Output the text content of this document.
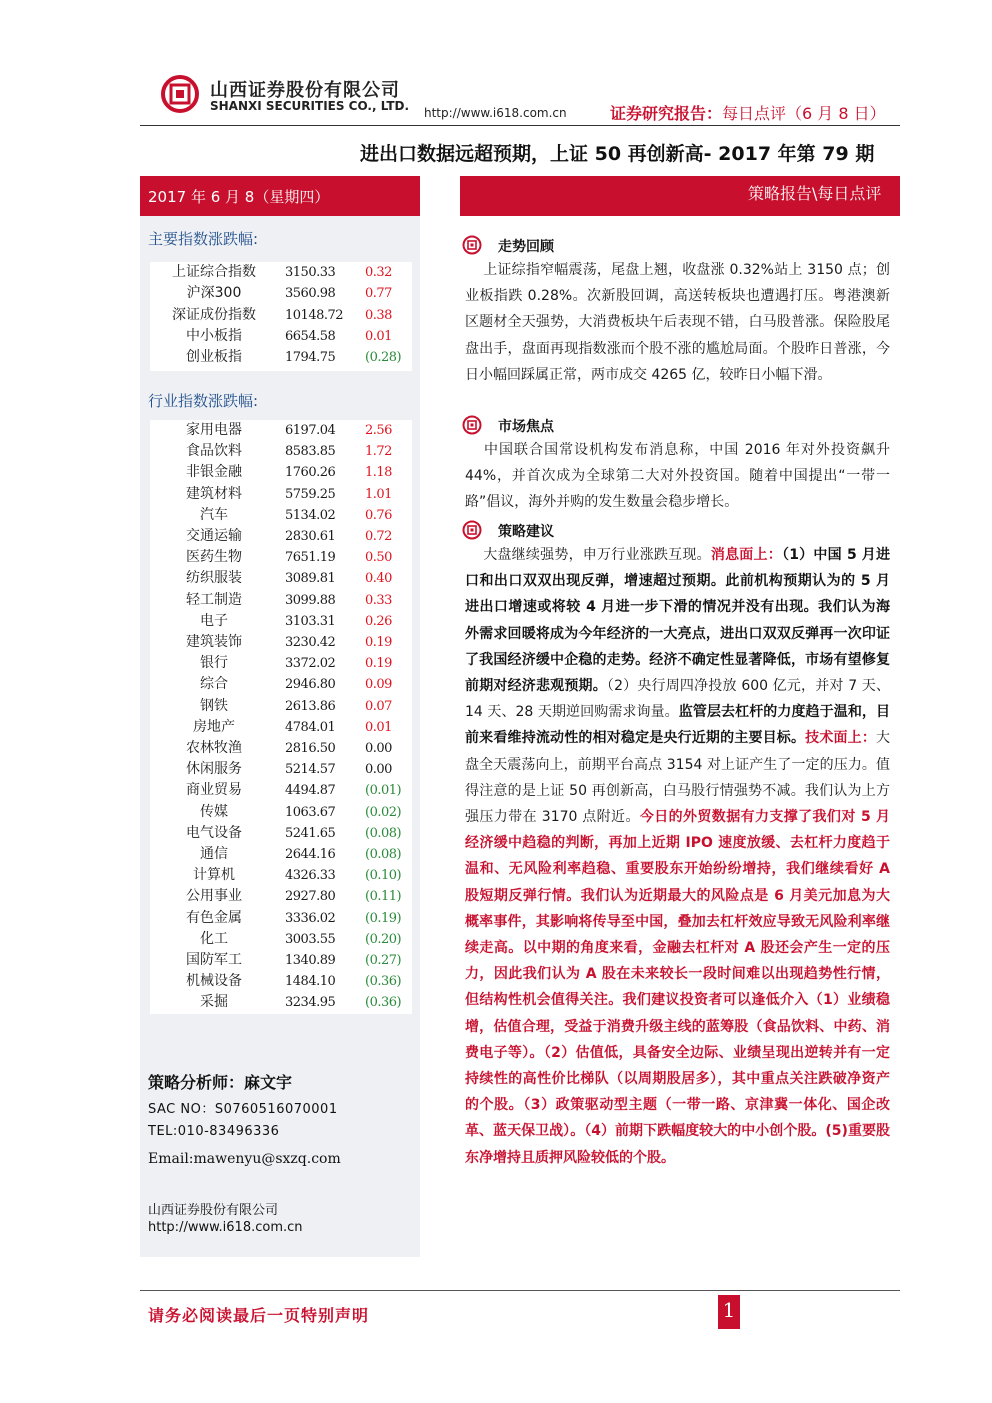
山西证券股份有限公司
SHANXI SECURITIES CO., LTD. http://www.i618.com.cn	证券研究报告：每日点评（6 月 8 日）
进出口数据远超预期，上证 50 再创新高- 2017 年第 79 期
2017 年 6 月 8（星期四）
主要指数涨跌幅:
上证综合指数	3150.33	0.32
沪深300	3560.98	0.77
深证成份指数	10148.72	0.38
中小板指	6654.58	0.01
创业板指	1794.75	(0.28)
行业指数涨跌幅:
家用电器	6197.04	2.56
食品饮料	8583.85	1.72
非银金融	1760.26	1.18
建筑材料	5759.25	1.01
汽车	5134.02	0.76
交通运输	2830.61	0.72
医药生物	7651.19	0.50
纺织服装	3089.81	0.40
轻工制造	3099.88	0.33
电子	3103.31	0.26
建筑装饰	3230.42	0.19
银行	3372.02	0.19
综合	2946.80	0.09
钢铁	2613.86	0.07
房地产	4784.01	0.01
农林牧渔	2816.50	0.00
休闲服务	5214.57	0.00
商业贸易	4494.87	(0.01)
传媒	1063.67	(0.02)
电气设备	5241.65	(0.08)
通信	2644.16	(0.08)
计算机	4326.33	(0.10)
公用事业	2927.80	(0.11)
有色金属	3336.02	(0.19)
化工	3003.55	(0.20)
国防军工	1340.89	(0.27)
机械设备	1484.10	(0.36)
采掘	3234.95	(0.36)
策略分析师：麻文宇
SAC NO：S0760516070001
TEL:010-83496336
Email:mawenyu@sxzq.com
山西证券股份有限公司
http://www.i618.com.cn
策略报告\每日点评
走势回顾
上证综指窄幅震荡，尾盘上翘，收盘涨 0.32%站上 3150 点；创业板指跌 0.28%。次新股回调，高送转板块也遭遇打压。粤港澳新区题材全天强势，大消费板块午后表现不错，白马股普涨。保险股尾盘出手，盘面再现指数涨而个股不涨的尴尬局面。个股昨日普涨，今日小幅回踩属正常，两市成交 4265 亿，较昨日小幅下滑。
市场焦点
中国联合国常设机构发布消息称，中国 2016 年对外投资飙升 44%，并首次成为全球第二大对外投资国。随着中国提出“一带一路”倡议，海外并购的发生数量会稳步增长。
策略建议
大盘继续强势，申万行业涨跌互现。消息面上：（1）中国 5 月进口和出口双双出现反弹，增速超过预期。此前机构预期认为的 5 月进出口增速或将较 4 月进一步下滑的情况并没有出现。我们认为海外需求回暖将成为今年经济的一大亮点，进出口双双反弹再一次印证了我国经济缓中企稳的走势。经济不确定性显著降低，市场有望修复前期对经济悲观预期。（2）央行周四净投放 600 亿元，并对 7 天、14 天、28 天期逆回购需求询量。监管层去杠杆的力度趋于温和，目前来看维持流动性的相对稳定是央行近期的主要目标。技术面上：大盘全天震荡向上，前期平台高点 3154 对上证产生了一定的压力。值得注意的是上证 50 再创新高，白马股行情强势不减。我们认为上方强压力带在 3170 点附近。今日的外贸数据有力支撑了我们对 5 月经济缓中趋稳的判断，再加上近期 IPO 速度放缓、去杠杆力度趋于温和、无风险利率趋稳、重要股东开始纷纷增持，我们继续看好 A 股短期反弹行情。我们认为近期最大的风险点是 6 月美元加息为大概率事件，其影响将传导至中国，叠加去杠杆效应导致无风险利率继续走高。以中期的角度来看，金融去杠杆对 A 股还会产生一定的压力，因此我们认为 A 股在未来较长一段时间难以出现趋势性行情，但结构性机会值得关注。我们建议投资者可以逢低介入（1）业绩稳增，估值合理，受益于消费升级主线的蓝筹股（食品饮料、中药、消费电子等）。（2）估值低，具备安全边际、业绩呈现出逆转并有一定持续性的高性价比梯队（以周期股居多），其中重点关注跌破净资产的个股。（3）政策驱动型主题（一带一路、京津冀一体化、国企改革、蓝天保卫战）。（4）前期下跌幅度较大的中小创个股。(5)重要股东净增持且质押风险较低的个股。
请务必阅读最后一页特别声明	1
